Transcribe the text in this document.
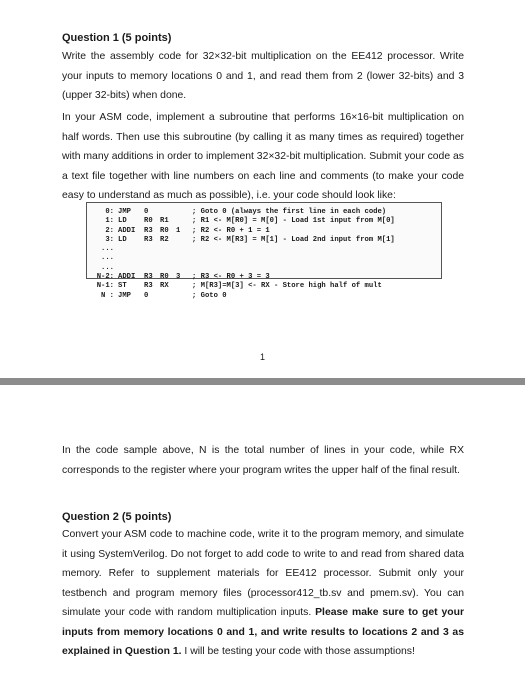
Question 1 (5 points)
Write the assembly code for 32×32-bit multiplication on the EE412 processor. Write your inputs to memory locations 0 and 1, and read them from 2 (lower 32-bits) and 3 (upper 32-bits) when done.
In your ASM code, implement a subroutine that performs 16×16-bit multiplication on half words. Then use this subroutine (by calling it as many times as required) together with many additions in order to implement 32×32-bit multiplication. Submit your code as a text file together with line numbers on each line and comments (to make your code easy to understand as much as possible), i.e. your code should look like:
0: JMP 0	; Goto 0 (always the first line in each code)
1: LD R0 R1	; R1 <- M[R0] = M[0] - Load 1st input from M[0]
2: ADDI R3 R0 1 ; R2 <- R0 + 1 = 1
3: LD R3 R2	; R2 <- M[R3] = M[1] - Load 2nd input from M[1]
...
...
...
N-2: ADDI R3 R0 3 ; R3 <- R0 + 3 = 3
N-1: ST R3 RX	; M[R3]=M[3] <- RX - Store high half of mult
N : JMP 0	; Goto 0
1
In the code sample above, N is the total number of lines in your code, while RX corresponds to the register where your program writes the upper half of the final result.
Question 2 (5 points)
Convert your ASM code to machine code, write it to the program memory, and simulate it using SystemVerilog. Do not forget to add code to write to and read from shared data memory. Refer to supplement materials for EE412 processor. Submit only your testbench and program memory files (processor412_tb.sv and pmem.sv). You can simulate your code with random multiplication inputs. Please make sure to get your inputs from memory locations 0 and 1, and write results to locations 2 and 3 as explained in Question 1. I will be testing your code with those assumptions!
